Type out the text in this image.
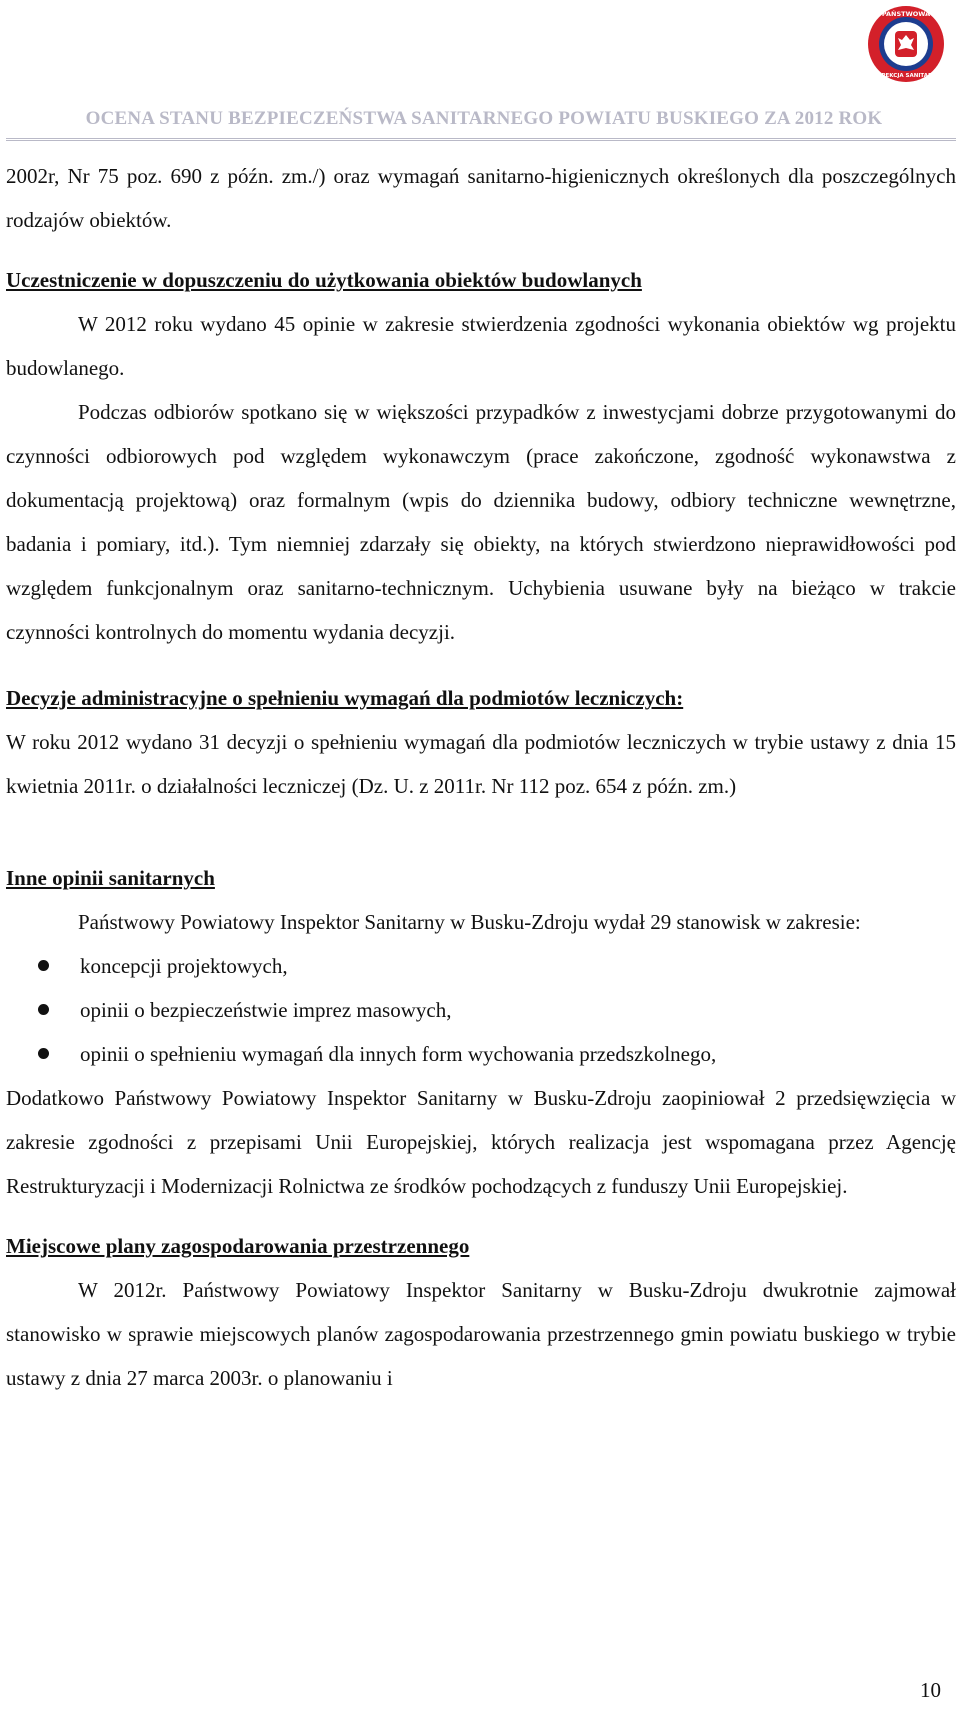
PAŃSTWOWA
INSPEKCJA SANITARNA
OCENA STANU BEZPIECZEŃSTWA SANITARNEGO POWIATU BUSKIEGO ZA 2012 ROK

2002r, Nr 75 poz. 690 z późn. zm./) oraz wymagań sanitarno-higienicznych określonych dla poszczególnych rodzajów obiektów.

Uczestniczenie w dopuszczeniu do użytkowania obiektów budowlanych

W 2012 roku wydano 45 opinie w zakresie stwierdzenia zgodności wykonania obiektów wg projektu budowlanego.

Podczas odbiorów spotkano się w większości przypadków z inwestycjami dobrze przygotowanymi do czynności odbiorowych pod względem wykonawczym (prace zakończone, zgodność wykonawstwa z dokumentacją projektową) oraz formalnym (wpis do dziennika budowy, odbiory techniczne wewnętrzne, badania i pomiary, itd.). Tym niemniej zdarzały się obiekty, na których stwierdzono nieprawidłowości pod względem funkcjonalnym oraz sanitarno-technicznym. Uchybienia usuwane były na bieżąco w trakcie czynności kontrolnych do momentu wydania decyzji.

Decyzje administracyjne o spełnieniu wymagań dla podmiotów leczniczych:

W roku 2012 wydano 31 decyzji o spełnieniu wymagań dla podmiotów leczniczych w trybie ustawy z dnia 15 kwietnia 2011r. o działalności leczniczej (Dz. U. z 2011r. Nr 112 poz. 654 z późn. zm.)

Inne opinii sanitarnych

Państwowy Powiatowy Inspektor Sanitarny w Busku-Zdroju wydał 29 stanowisk w zakresie:

koncepcji projektowych,
opinii o bezpieczeństwie imprez masowych,
opinii o spełnieniu wymagań dla innych form wychowania przedszkolnego,

Dodatkowo Państwowy Powiatowy Inspektor Sanitarny w Busku-Zdroju zaopiniował 2 przedsięwzięcia w zakresie zgodności z przepisami Unii Europejskiej, których realizacja jest wspomagana przez Agencję Restrukturyzacji i Modernizacji Rolnictwa ze środków pochodzących z funduszy Unii Europejskiej.

Miejscowe plany zagospodarowania przestrzennego

W 2012r. Państwowy Powiatowy Inspektor Sanitarny w Busku-Zdroju dwukrotnie zajmował stanowisko w sprawie miejscowych planów zagospodarowania przestrzennego gmin powiatu buskiego w trybie ustawy z dnia 27 marca 2003r. o planowaniu i

10
